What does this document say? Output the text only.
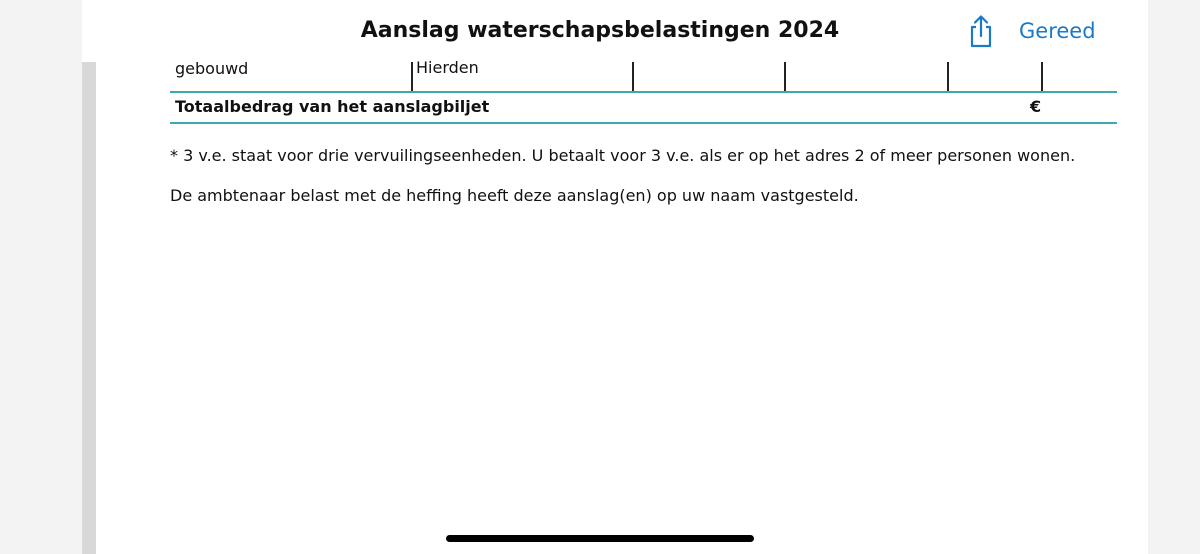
Aanslag waterschapsbelastingen 2024	Gereed
gebouwd	Hierden
Totaalbedrag van het aanslagbiljet	€
* 3 v.e. staat voor drie vervuilingseenheden. U betaalt voor 3 v.e. als er op het adres 2 of meer personen wonen.
De ambtenaar belast met de heffing heeft deze aanslag(en) op uw naam vastgesteld.
